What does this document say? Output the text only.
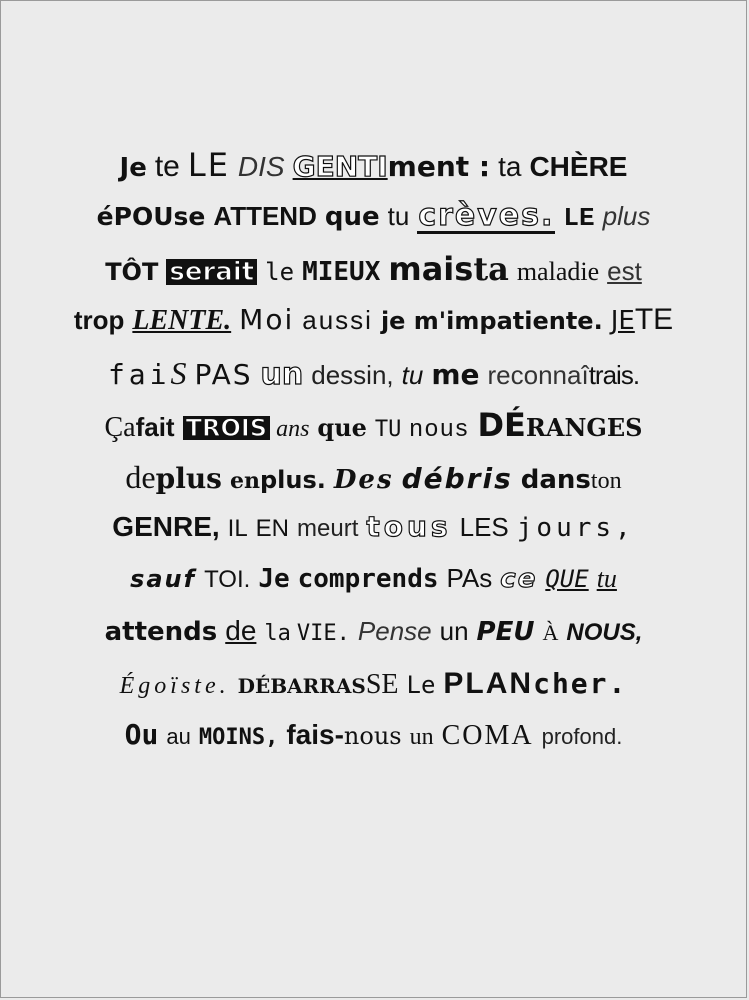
Je te LE DIS GENTI ment : ta CHÈRE
éPOUse ATTEND que tu crèves. LE plus
TÔT serait le MIEUX mais ta maladie est
trop LENTE. Moi aussi je m'impatiente. JE TE
fai S PAS un dessin, tu me reconnaî trais.
Ça fait TROIS ans que TU nous DÉ RANGES
de plus en plus. Des débris dans ton
GENRE, IL EN meurt tous LES jours,
sauf TOI. Je comprends PAs ce QUE tu
attends de la VIE. Pense un PEU À NOUS,
Égoïste. DÉBARRAS SE Le PLAN cher.
Ou au MOINS, fais- nous un COMA profond.
